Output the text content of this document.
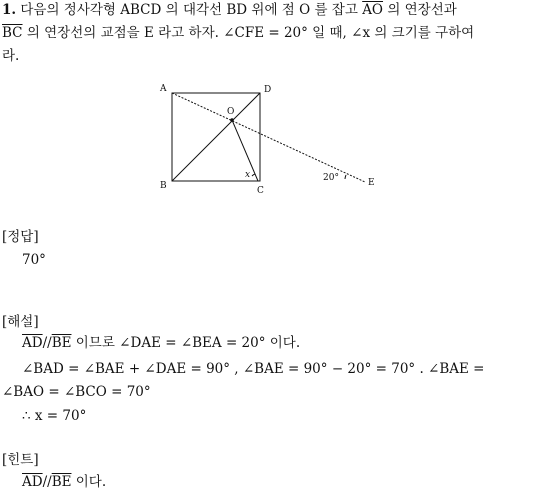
1. 다음의 정사각형 ABCD 의 대각선 BD 위에 점 O 를 잡고 $\overline{AO}$ 의 연장선과
$\overline{BC}$ 의 연장선의 교점을 E 라고 하자. ∠CFE = 20° 일 때, ∠x 의 크기를 구하여
라.
A	D
O
B	C
E
x	20°
[정답]
70°
[해설]
$\overline{AD}//\overline{BE}$ 이므로 ∠DAE = ∠BEA = 20° 이다.
∠BAD = ∠BAE + ∠DAE = 90° , ∠BAE = 90° − 20° = 70° . ∠BAE =
∠BAO = ∠BCO = 70°
∴ x = 70°
[힌트]
$\overline{AD}//\overline{BE}$ 이다.
